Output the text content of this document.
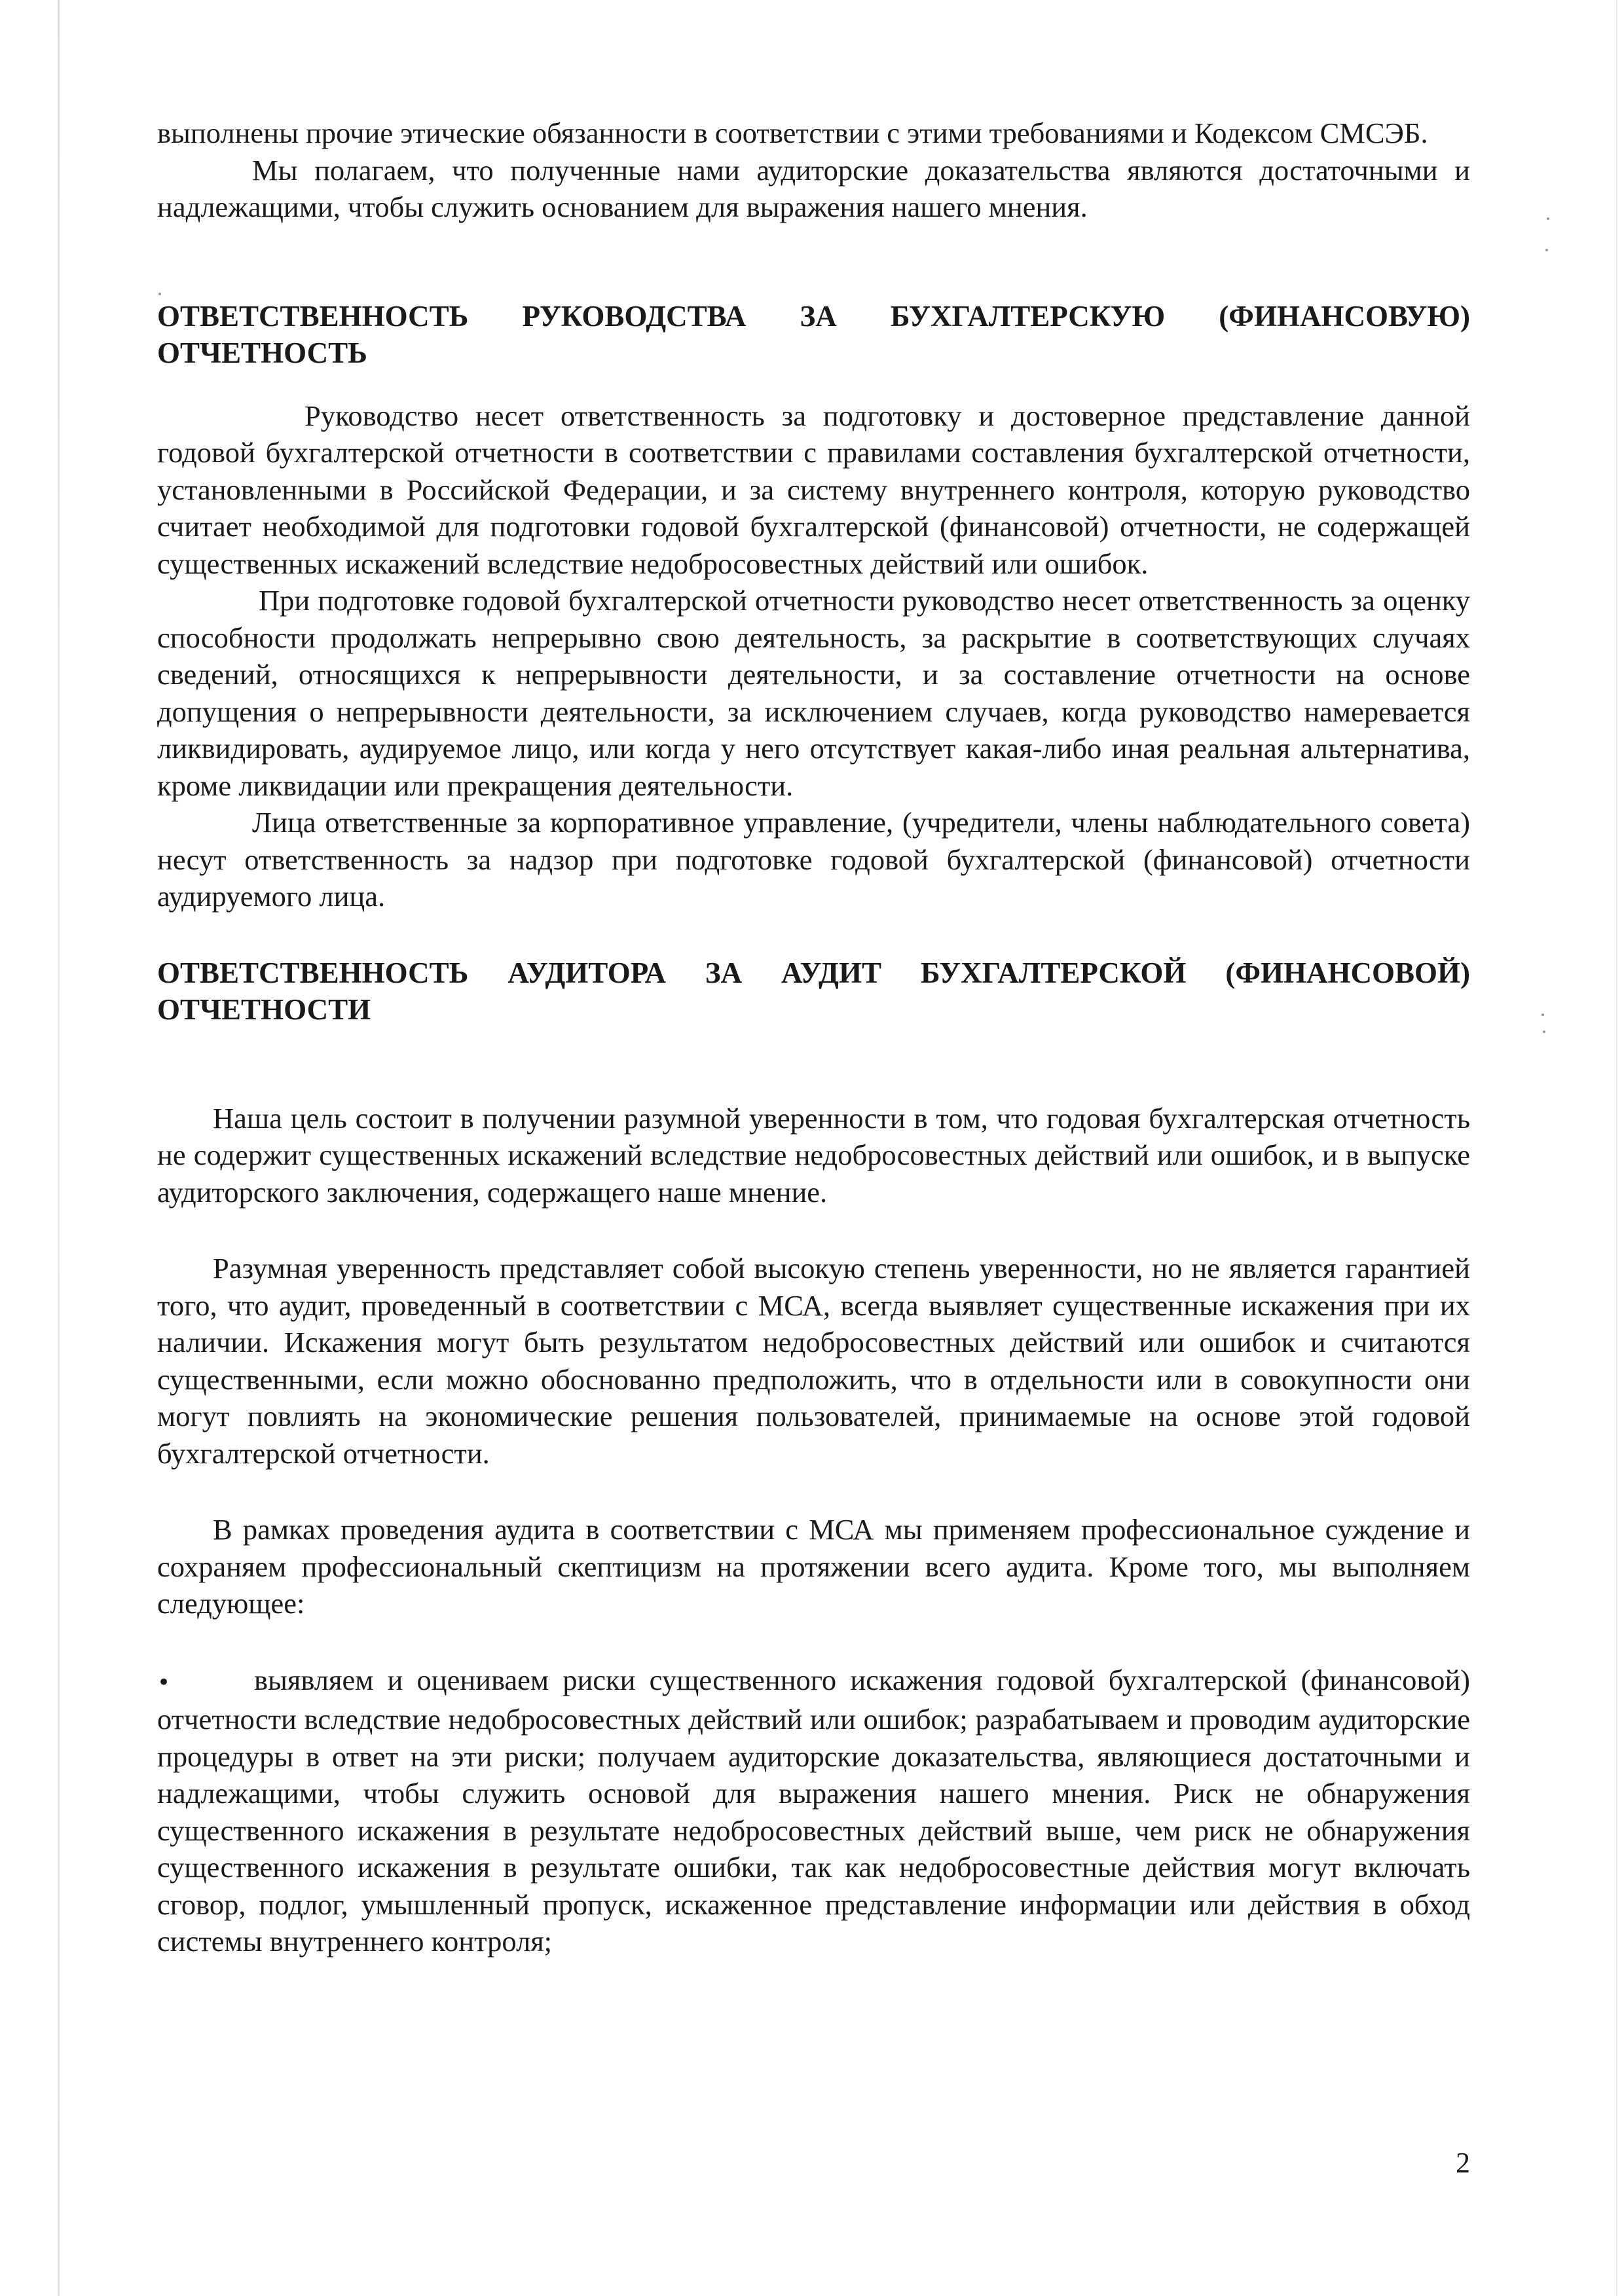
выполнены прочие этические обязанности в соответствии с этими требованиями и Кодексом СМСЭБ.

Мы полагаем, что полученные нами аудиторские доказательства являются достаточными и надлежащими, чтобы служить основанием для выражения нашего мнения.

ОТВЕТСТВЕННОСТЬ РУКОВОДСТВА ЗА БУХГАЛТЕРСКУЮ (ФИНАНСОВУЮ) ОТЧЕТНОСТЬ

Руководство несет ответственность за подготовку и достоверное представление данной годовой бухгалтерской отчетности в соответствии с правилами составления бухгалтерской отчетности, установленными в Российской Федерации, и за систему внутреннего контроля, которую руководство считает необходимой для подготовки годовой бухгалтерской (финансовой) отчетности, не содержащей существенных искажений вследствие недобросовестных действий или ошибок.

При подготовке годовой бухгалтерской отчетности руководство несет ответственность за оценку способности продолжать непрерывно свою деятельность, за раскрытие в соответствующих случаях сведений, относящихся к непрерывности деятельности, и за составление отчетности на основе допущения о непрерывности деятельности, за исключением случаев, когда руководство намеревается ликвидировать, аудируемое лицо, или когда у него отсутствует какая-либо иная реальная альтернатива, кроме ликвидации или прекращения деятельности.

Лица ответственные за корпоративное управление, (учредители, члены наблюдательного совета) несут ответственность за надзор при подготовке годовой бухгалтерской (финансовой) отчетности аудируемого лица.

ОТВЕТСТВЕННОСТЬ АУДИТОРА ЗА АУДИТ БУХГАЛТЕРСКОЙ (ФИНАНСОВОЙ) ОТЧЕТНОСТИ

Наша цель состоит в получении разумной уверенности в том, что годовая бухгалтерская отчетность не содержит существенных искажений вследствие недобросовестных действий или ошибок, и в выпуске аудиторского заключения, содержащего наше мнение.

Разумная уверенность представляет собой высокую степень уверенности, но не является гарантией того, что аудит, проведенный в соответствии с МСА, всегда выявляет существенные искажения при их наличии. Искажения могут быть результатом недобросовестных действий или ошибок и считаются существенными, если можно обоснованно предположить, что в отдельности или в совокупности они могут повлиять на экономические решения пользователей, принимаемые на основе этой годовой бухгалтерской отчетности.

В рамках проведения аудита в соответствии с МСА мы применяем профессиональное суждение и сохраняем профессиональный скептицизм на протяжении всего аудита. Кроме того, мы выполняем следующее:

•	выявляем и оцениваем риски существенного искажения годовой бухгалтерской (финансовой) отчетности вследствие недобросовестных действий или ошибок; разрабатываем и проводим аудиторские процедуры в ответ на эти риски; получаем аудиторские доказательства, являющиеся достаточными и надлежащими, чтобы служить основой для выражения нашего мнения. Риск не обнаружения существенного искажения в результате недобросовестных действий выше, чем риск не обнаружения существенного искажения в результате ошибки, так как недобросовестные действия могут включать сговор, подлог, умышленный пропуск, искаженное представление информации или действия в обход системы внутреннего контроля;

2
